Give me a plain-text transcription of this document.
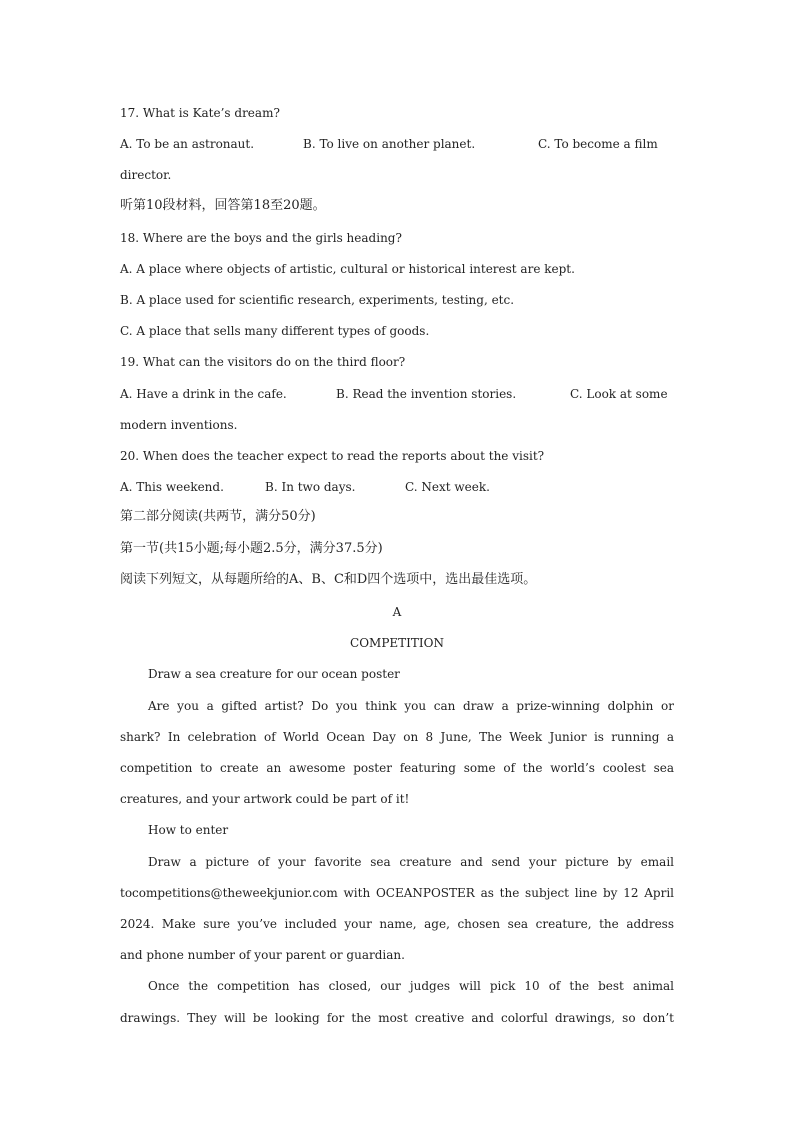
17. What is Kate’s dream?
A. To be an astronaut.	B. To live on another planet.	C. To become a film
director.
听第10段材料，回答第18至20题。
18. Where are the boys and the girls heading?
A. A place where objects of artistic, cultural or historical interest are kept.
B. A place used for scientific research, experiments, testing, etc.
C. A place that sells many different types of goods.
19. What can the visitors do on the third floor?
A. Have a drink in the cafe.	B. Read the invention stories.	C. Look at some
modern inventions.
20. When does the teacher expect to read the reports about the visit?
A. This weekend.	B. In two days.	C. Next week.
第二部分阅读(共两节，满分50分)
第一节(共15小题;每小题2.5分，满分37.5分)
阅读下列短文，从每题所给的A、B、C和D四个选项中，选出最佳选项。
A
COMPETITION
Draw a sea creature for our ocean poster
Are you a gifted artist? Do you think you can draw a prize-winning dolphin or
shark? In celebration of World Ocean Day on 8 June, The Week Junior is running a
competition to create an awesome poster featuring some of the world’s coolest sea
creatures, and your artwork could be part of it!
How to enter
Draw a picture of your favorite sea creature and send your picture by email
tocompetitions@theweekjunior.com with OCEANPOSTER as the subject line by 12 April
2024. Make sure you’ve included your name, age, chosen sea creature, the address
and phone number of your parent or guardian.
Once the competition has closed, our judges will pick 10 of the best animal
drawings. They will be looking for the most creative and colorful drawings, so don’t
